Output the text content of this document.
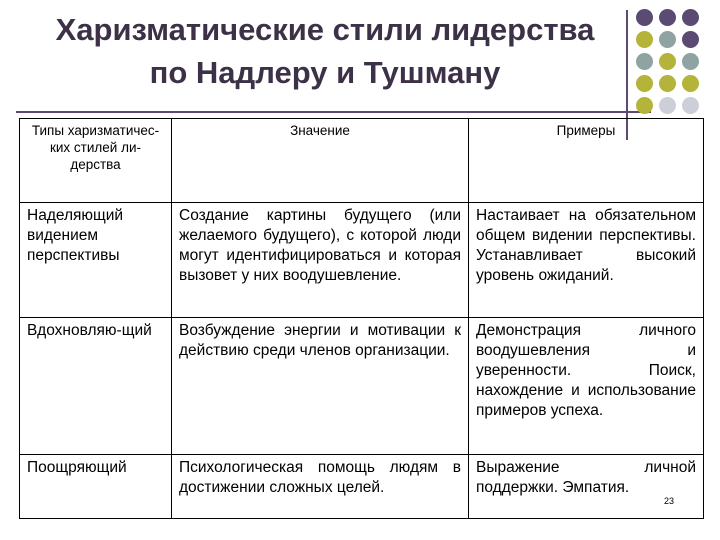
Харизматические стили лидерства
по Надлеру и Тушману
Типы харизматичес-ких стилей ли-дерства	Значение	Примеры
Наделяющий видением перспективы	Создание картины будущего (или желаемого будущего), с которой люди могут идентифицироваться и которая вызовет у них воодушевление.	Настаивает на обязательном общем видении перспективы. Устанавливает высокий уровень ожиданий.
Вдохновляю-щий	Возбуждение энергии и мотивации к действию среди членов организации.	Демонстрация личного воодушевления и уверенности. Поиск, нахождение и использование примеров успеха.
Поощряющий	Психологическая помощь людям в достижении сложных целей.	Выражение личной поддержки. Эмпатия.
23
